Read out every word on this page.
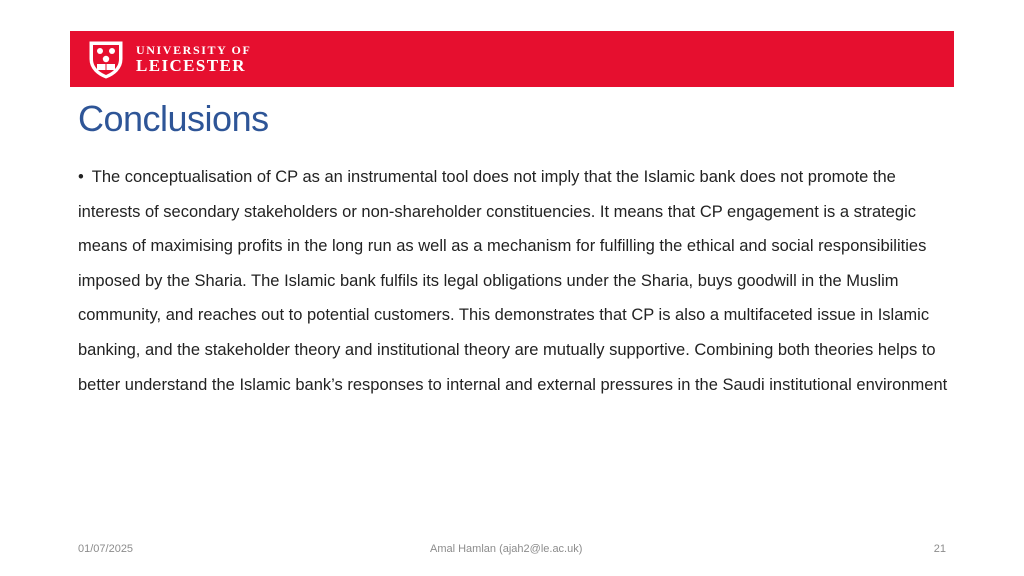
UNIVERSITY OF
LEICESTER
Conclusions
• The conceptualisation of CP as an instrumental tool does not imply that the Islamic bank does not promote the interests of secondary stakeholders or non-shareholder constituencies. It means that CP engagement is a strategic means of maximising profits in the long run as well as a mechanism for fulfilling the ethical and social responsibilities imposed by the Sharia. The Islamic bank fulfils its legal obligations under the Sharia, buys goodwill in the Muslim community, and reaches out to potential customers. This demonstrates that CP is also a multifaceted issue in Islamic banking, and the stakeholder theory and institutional theory are mutually supportive. Combining both theories helps to better understand the Islamic bank’s responses to internal and external pressures in the Saudi institutional environment
01/07/2025	Amal Hamlan (ajah2@le.ac.uk)	21
